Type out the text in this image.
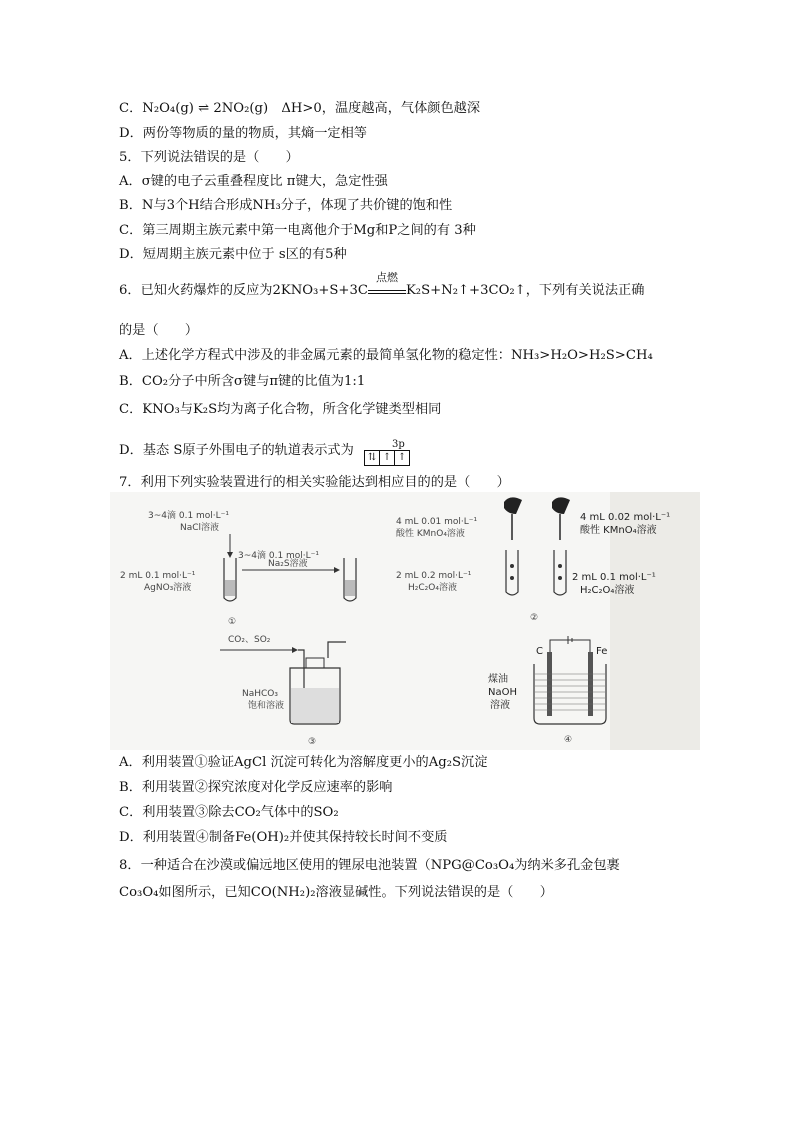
C．N₂O₄(g) ⇌ 2NO₂(g)　ΔH>0，温度越高，气体颜色越深
D．两份等物质的量的物质，其熵一定相等
5．下列说法错误的是（　　）
A．σ键的电子云重叠程度比 π键大，急定性强
B．N与3个H结合形成NH₃分子，体现了共价键的饱和性
C．第三周期主族元素中第一电离他介于Mg和P之间的有 3种
D．短周期主族元素中位于 s区的有5种
6．已知火药爆炸的反应为2KNO₃+S+3C
点燃
K₂S+N₂↑+3CO₂↑，下列有关说法正确
的是（　　）
A．上述化学方程式中涉及的非金属元素的最简单氢化物的稳定性：NH₃>H₂O>H₂S>CH₄
B．CO₂分子中所含σ键与π键的比值为1:1
C．KNO₃与K₂S均为离子化合物，所含化学键类型相同
D．基态 S原子外围电子的轨道表示式为	3p
⇅ ↑ ↑
7．利用下列实验装置进行的相关实验能达到相应目的的是（　　）
3~4滴 0.1 mol·L⁻¹
NaCl溶液
3~4滴 0.1 mol·L⁻¹
Na₂S溶液
2 mL 0.1 mol·L⁻¹
AgNO₃溶液
①
4 mL 0.01 mol·L⁻¹
酸性 KMnO₄溶液
4 mL 0.02 mol·L⁻¹
酸性 KMnO₄溶液
2 mL 0.2 mol·L⁻¹
H₂C₂O₄溶液
2 mL 0.1 mol·L⁻¹
H₂C₂O₄溶液
②
CO₂、SO₂
NaHCO₃
饱和溶液
③
C	Fe
煤油
NaOH
溶液
④
A．利用装置①验证AgCl 沉淀可转化为溶解度更小的Ag₂S沉淀
B．利用装置②探究浓度对化学反应速率的影响
C．利用装置③除去CO₂气体中的SO₂
D．利用装置④制备Fe(OH)₂并使其保持较长时间不变质
8．一种适合在沙漠或偏远地区使用的锂尿电池装置（NPG@Co₃O₄为纳米多孔金包裹
Co₃O₄如图所示，已知CO(NH₂)₂溶液显碱性。下列说法错误的是（　　）
